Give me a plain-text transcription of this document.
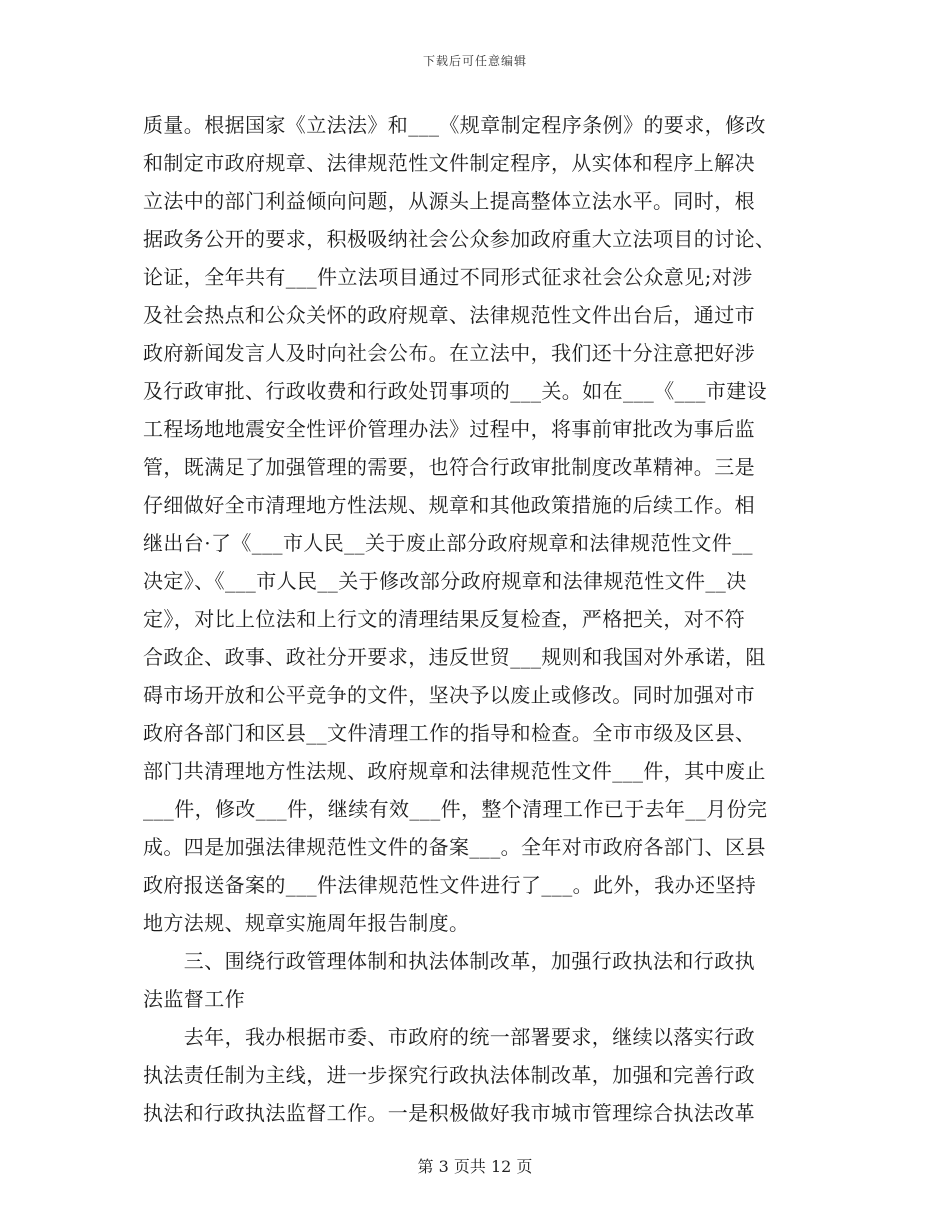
下载后可任意编辑
质量。根据国家《立法法》和___《规章制定程序条例》的要求，修改
和制定市政府规章、法律规范性文件制定程序，从实体和程序上解决
立法中的部门利益倾向问题，从源头上提高整体立法水平。同时，根
据政务公开的要求，积极吸纳社会公众参加政府重大立法项目的讨论、
论证，全年共有___件立法项目通过不同形式征求社会公众意见;对涉
及社会热点和公众关怀的政府规章、法律规范性文件出台后，通过市
政府新闻发言人及时向社会公布。在立法中，我们还十分注意把好涉
及行政审批、行政收费和行政处罚事项的___关。如在___《___市建设
工程场地地震安全性评价管理办法》过程中，将事前审批改为事后监
管，既满足了加强管理的需要，也符合行政审批制度改革精神。三是
仔细做好全市清理地方性法规、规章和其他政策措施的后续工作。相
继出台·了《___市人民__关于废止部分政府规章和法律规范性文件__
决定》、《___市人民__关于修改部分政府规章和法律规范性文件__决
定》，对比上位法和上行文的清理结果反复检查，严格把关，对不符
合政企、政事、政社分开要求，违反世贸___规则和我国对外承诺，阻
碍市场开放和公平竞争的文件，坚决予以废止或修改。同时加强对市
政府各部门和区县__文件清理工作的指导和检查。全市市级及区县、
部门共清理地方性法规、政府规章和法律规范性文件___件，其中废止
___件，修改___件，继续有效___件，整个清理工作已于去年__月份完
成。四是加强法律规范性文件的备案___。全年对市政府各部门、区县
政府报送备案的___件法律规范性文件进行了___。此外，我办还坚持
地方法规、规章实施周年报告制度。
　　三、围绕行政管理体制和执法体制改革，加强行政执法和行政执
法监督工作
　　去年，我办根据市委、市政府的统一部署要求，继续以落实行政
执法责任制为主线，进一步探究行政执法体制改革，加强和完善行政
执法和行政执法监督工作。一是积极做好我市城市管理综合执法改革
第 3 页共 12 页
